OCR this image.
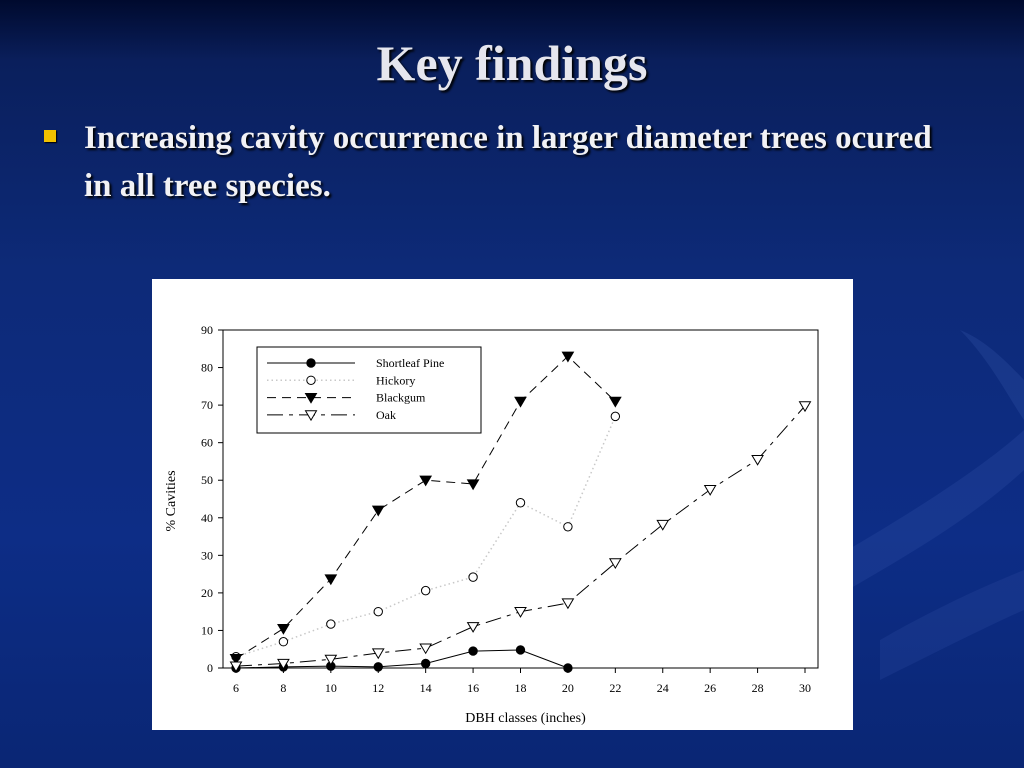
Key findings
Increasing cavity occurrence in larger diameter trees ocured in all tree species.
0
10
20
30
40
50
60
70
80
90
6	8	10	12	14	16	18	20	22	24	26	28	30
DBH classes (inches)
% Cavities
Shortleaf Pine
Hickory
Blackgum
Oak
